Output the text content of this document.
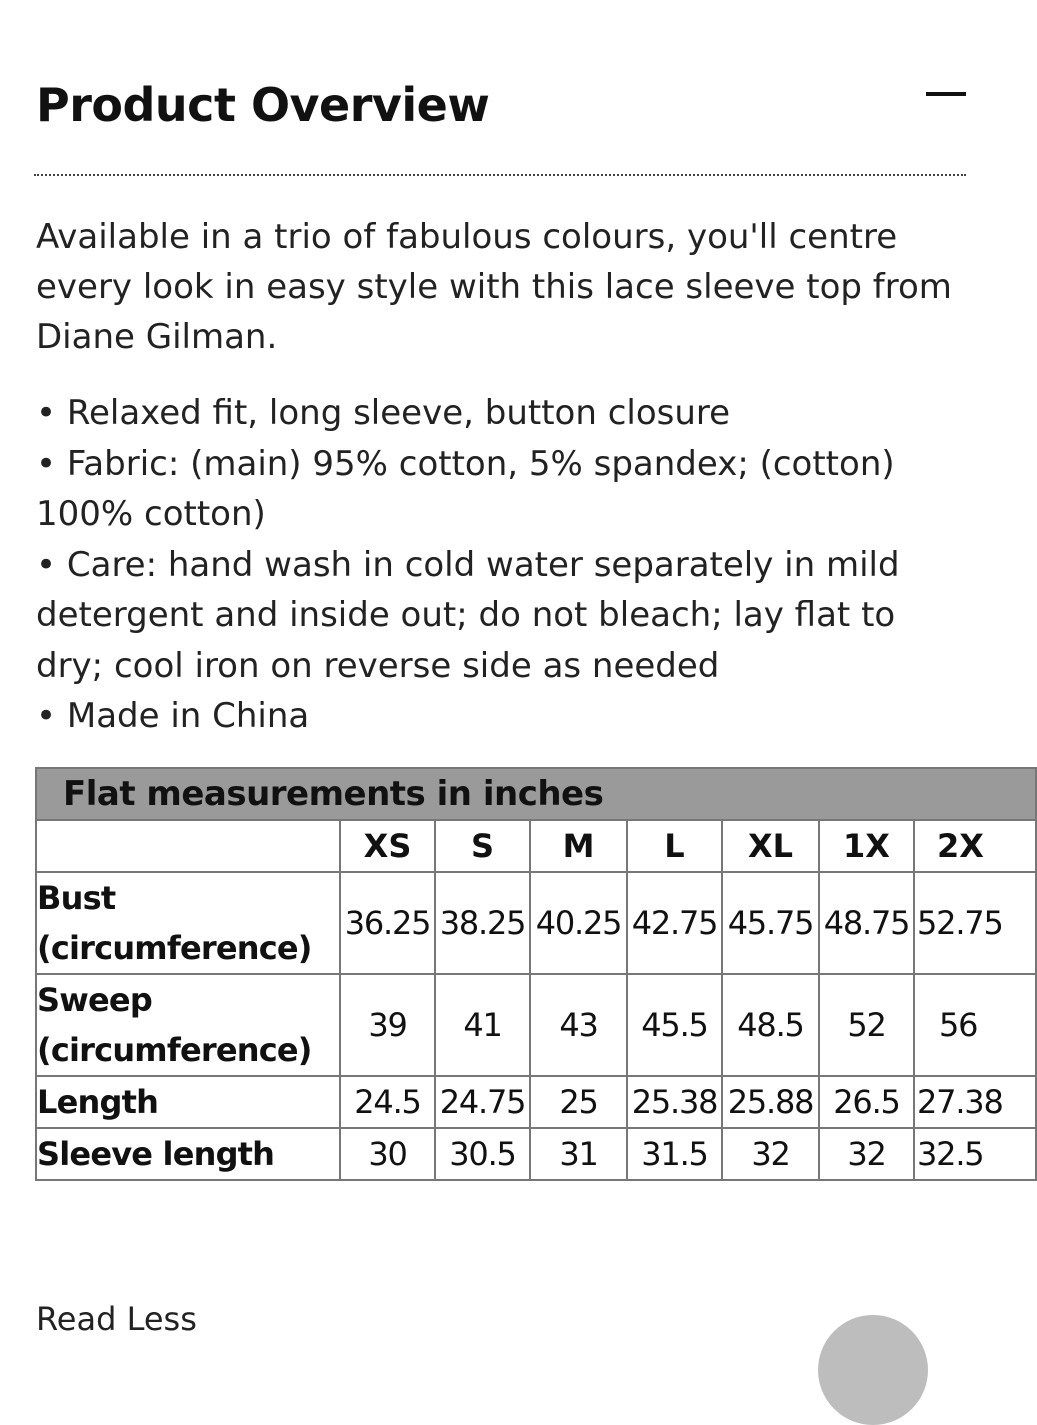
Product Overview

Available in a trio of fabulous colours, you'll centre every look in easy style with this lace sleeve top from Diane Gilman.

• Relaxed fit, long sleeve, button closure
• Fabric: (main) 95% cotton, 5% spandex; (cotton) 100% cotton)
• Care: hand wash in cold water separately in mild detergent and inside out; do not bleach; lay flat to dry; cool iron on reverse side as needed
• Made in China
Flat measurements in inches							
	XS	S	M	L	XL	1X	2X
Bust (circumference)	36.25	38.25	40.25	42.75	45.75	48.75	52.75
Sweep (circumference)	39	41	43	45.5	48.5	52	56
Length	24.5	24.75	25	25.38	25.88	26.5	27.38
Sleeve length	30	30.5	31	31.5	32	32	32.5
Read Less
